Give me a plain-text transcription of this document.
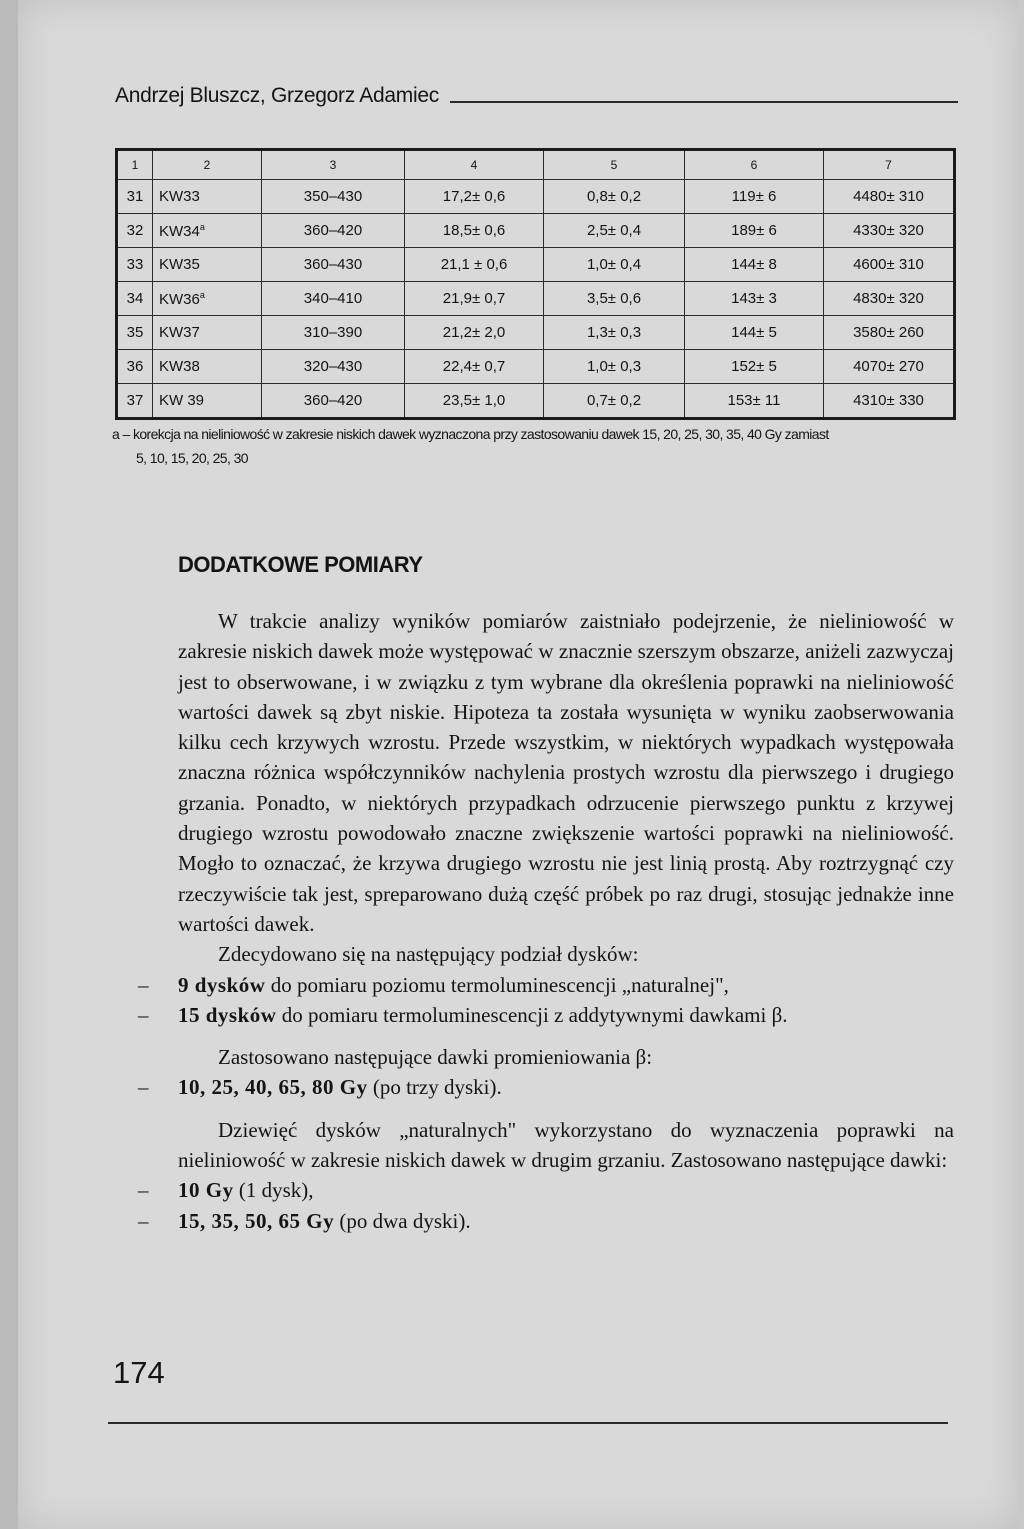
Andrzej Bluszcz, Grzegorz Adamiec
1	2	3	4	5	6	7
31	KW33	350–430	17,2± 0,6	0,8± 0,2	119± 6	4480± 310
32	KW34$^a$	360–420	18,5± 0,6	2,5± 0,4	189± 6	4330± 320
33	KW35	360–430	21,1 ± 0,6	1,0± 0,4	144± 8	4600± 310
34	KW36$^a$	340–410	21,9± 0,7	3,5± 0,6	143± 3	4830± 320
35	KW37	310–390	21,2± 2,0	1,3± 0,3	144± 5	3580± 260
36	KW38	320–430	22,4± 0,7	1,0± 0,3	152± 5	4070± 270
37	KW 39	360–420	23,5± 1,0	0,7± 0,2	153± 11	4310± 330
a – korekcja na nieliniowość w zakresie niskich dawek wyznaczona przy zastosowaniu dawek 15, 20, 25, 30, 35, 40 Gy zamiast
5, 10, 15, 20, 25, 30
DODATKOWE POMIARY

W trakcie analizy wyników pomiarów zaistniało podejrzenie, że nieliniowość w zakresie niskich dawek może występować w znacznie szerszym obszarze, aniżeli zazwyczaj jest to obserwowane, i w związku z tym wybrane dla określenia poprawki na nieliniowość wartości dawek są zbyt niskie. Hipoteza ta została wysunięta w wyniku zaobserwowania kilku cech krzywych wzrostu. Przede wszystkim, w niektórych wypadkach występowała znaczna różnica współczynników nachylenia prostych wzrostu dla pierwszego i drugiego grzania. Ponadto, w niektórych przypadkach odrzucenie pierwszego punktu z krzywej drugiego wzrostu powodowało znaczne zwiększenie wartości poprawki na nieliniowość. Mogło to oznaczać, że krzywa drugiego wzrostu nie jest linią prostą. Aby roztrzygnąć czy rzeczywiście tak jest, spreparowano dużą część próbek po raz drugi, stosując jednakże inne wartości dawek.

Zdecydowano się na następujący podział dysków:

–	9 dysków do pomiaru poziomu termoluminescencji „naturalnej",
–	15 dysków do pomiaru termoluminescencji z addytywnymi dawkami β.

Zastosowano następujące dawki promieniowania β:

–	10, 25, 40, 65, 80 Gy (po trzy dyski).

Dziewięć dysków „naturalnych" wykorzystano do wyznaczenia poprawki na nieliniowość w zakresie niskich dawek w drugim grzaniu. Zastosowano następujące dawki:

–	10 Gy (1 dysk),
–	15, 35, 50, 65 Gy (po dwa dyski).
174
